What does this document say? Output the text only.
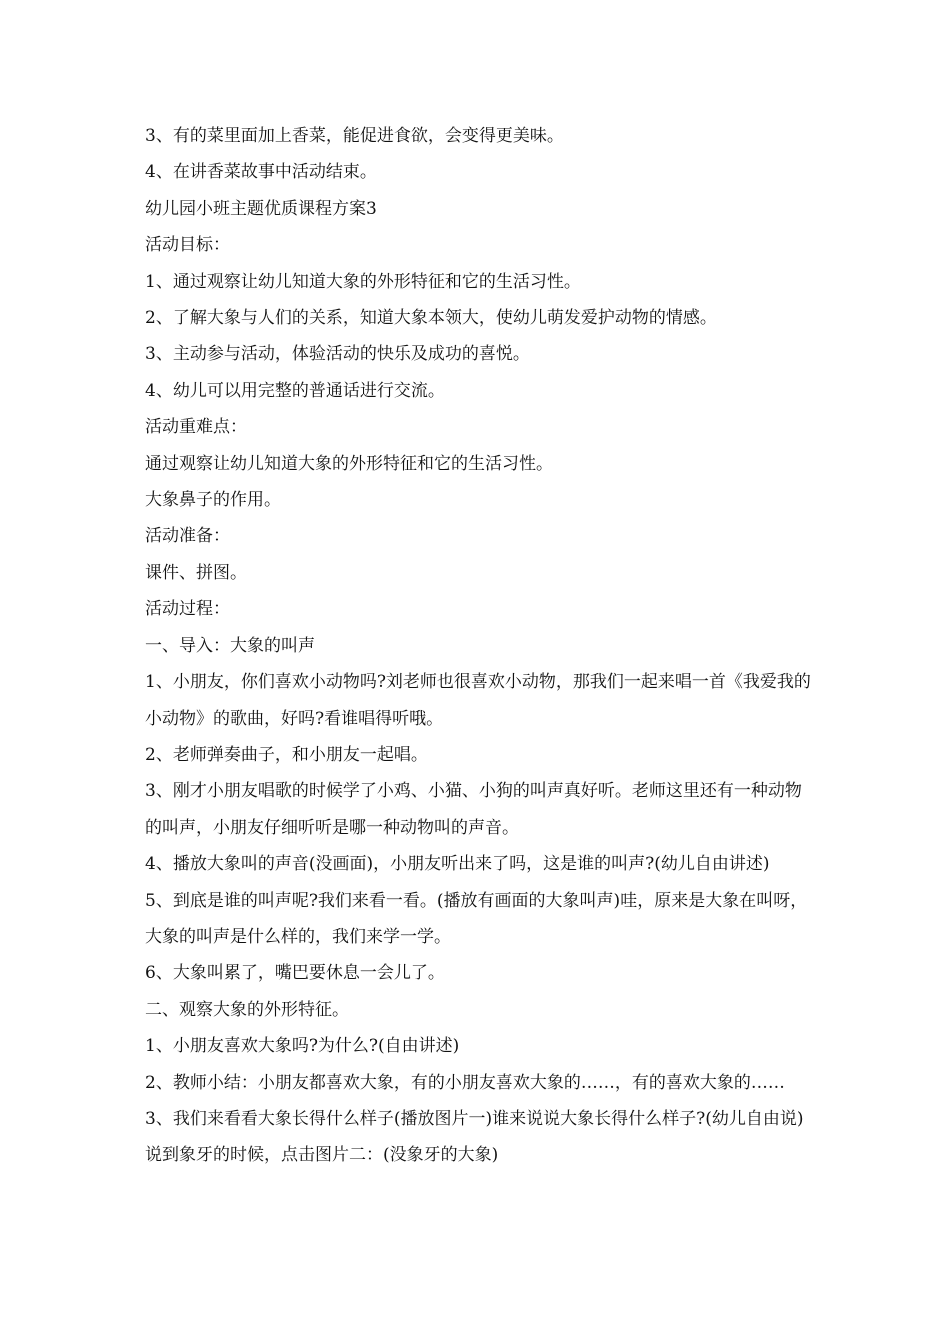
3、有的菜里面加上香菜，能促进食欲，会变得更美味。

4、在讲香菜故事中活动结束。

幼儿园小班主题优质课程方案3

活动目标：

1、通过观察让幼儿知道大象的外形特征和它的生活习性。

2、了解大象与人们的关系，知道大象本领大，使幼儿萌发爱护动物的情感。

3、主动参与活动，体验活动的快乐及成功的喜悦。

4、幼儿可以用完整的普通话进行交流。

活动重难点：

通过观察让幼儿知道大象的外形特征和它的生活习性。

大象鼻子的作用。

活动准备：

课件、拼图。

活动过程：

一、导入：大象的叫声

1、小朋友，你们喜欢小动物吗?刘老师也很喜欢小动物，那我们一起来唱一首《我爱我的小动物》的歌曲，好吗?看谁唱得听哦。

2、老师弹奏曲子，和小朋友一起唱。

3、刚才小朋友唱歌的时候学了小鸡、小猫、小狗的叫声真好听。老师这里还有一种动物的叫声，小朋友仔细听听是哪一种动物叫的声音。

4、播放大象叫的声音(没画面)，小朋友听出来了吗，这是谁的叫声?(幼儿自由讲述)

5、到底是谁的叫声呢?我们来看一看。(播放有画面的大象叫声)哇，原来是大象在叫呀，大象的叫声是什么样的，我们来学一学。

6、大象叫累了，嘴巴要休息一会儿了。

二、观察大象的外形特征。

1、小朋友喜欢大象吗?为什么?(自由讲述)

2、教师小结：小朋友都喜欢大象，有的小朋友喜欢大象的……，有的喜欢大象的……

3、我们来看看大象长得什么样子(播放图片一)谁来说说大象长得什么样子?(幼儿自由说)说到象牙的时候，点击图片二：(没象牙的大象)
